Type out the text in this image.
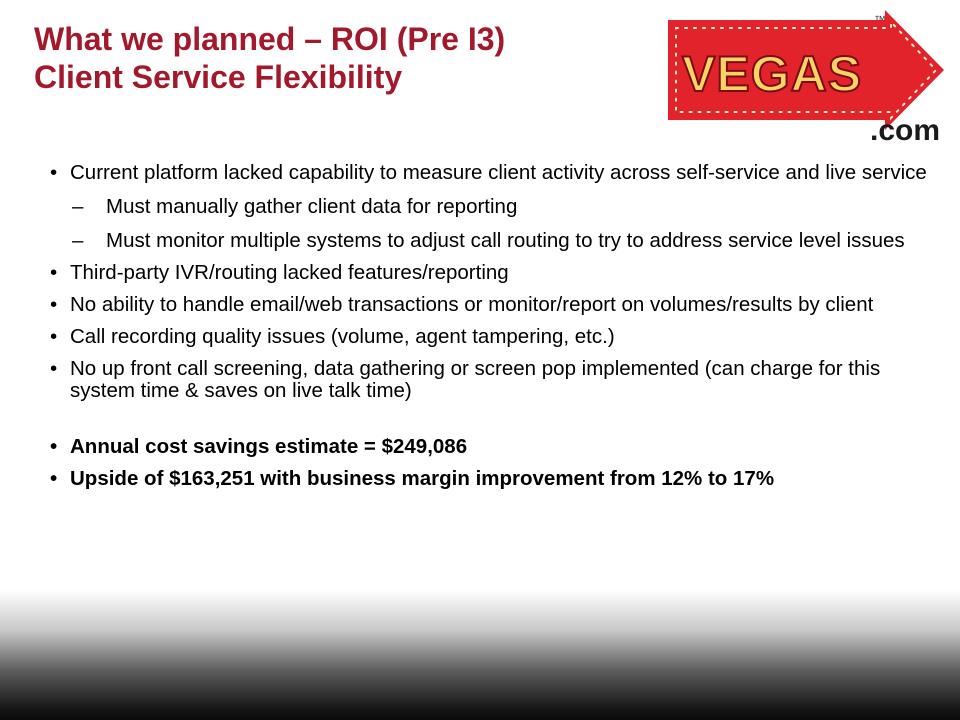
What we planned – ROI (Pre I3)
Client Service Flexibility	VEGAS
.com
™
• Current platform lacked capability to measure client activity across self-service and live service
– Must manually gather client data for reporting
– Must monitor multiple systems to adjust call routing to try to address service level issues
• Third-party IVR/routing lacked features/reporting
• No ability to handle email/web transactions or monitor/report on volumes/results by client
• Call recording quality issues (volume, agent tampering, etc.)
• No up front call screening, data gathering or screen pop implemented (can charge for this system time & saves on live talk time)
• Annual cost savings estimate = $249,086
• Upside of $163,251 with business margin improvement from 12% to 17%
